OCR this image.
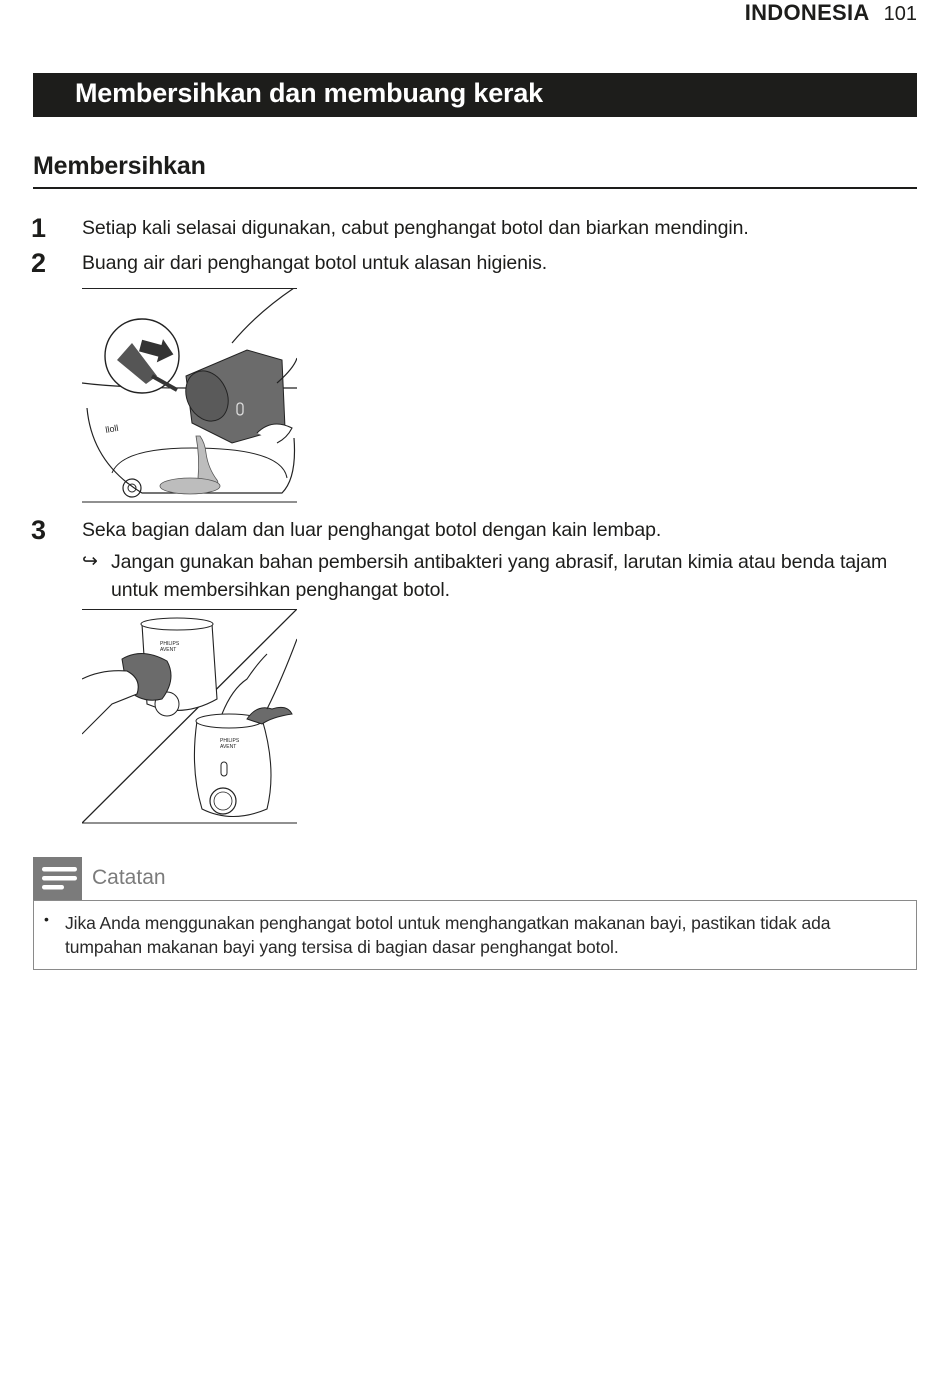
INDONESIA 101
Membersihkan dan membuang kerak
Membersihkan
1 Setiap kali selasai digunakan, cabut penghangat botol dan biarkan mendingin.
2 Buang air dari penghangat botol untuk alasan higienis.
lloll
3 Seka bagian dalam dan luar penghangat botol dengan kain lembap.
↪ Jangan gunakan bahan pembersih antibakteri yang abrasif, larutan kimia atau benda tajam untuk membersihkan penghangat botol.
PHILIPS
AVENT
PHILIPS
AVENT
Catatan
• Jika Anda menggunakan penghangat botol untuk menghangatkan makanan bayi, pastikan tidak ada tumpahan makanan bayi yang tersisa di bagian dasar penghangat botol.
